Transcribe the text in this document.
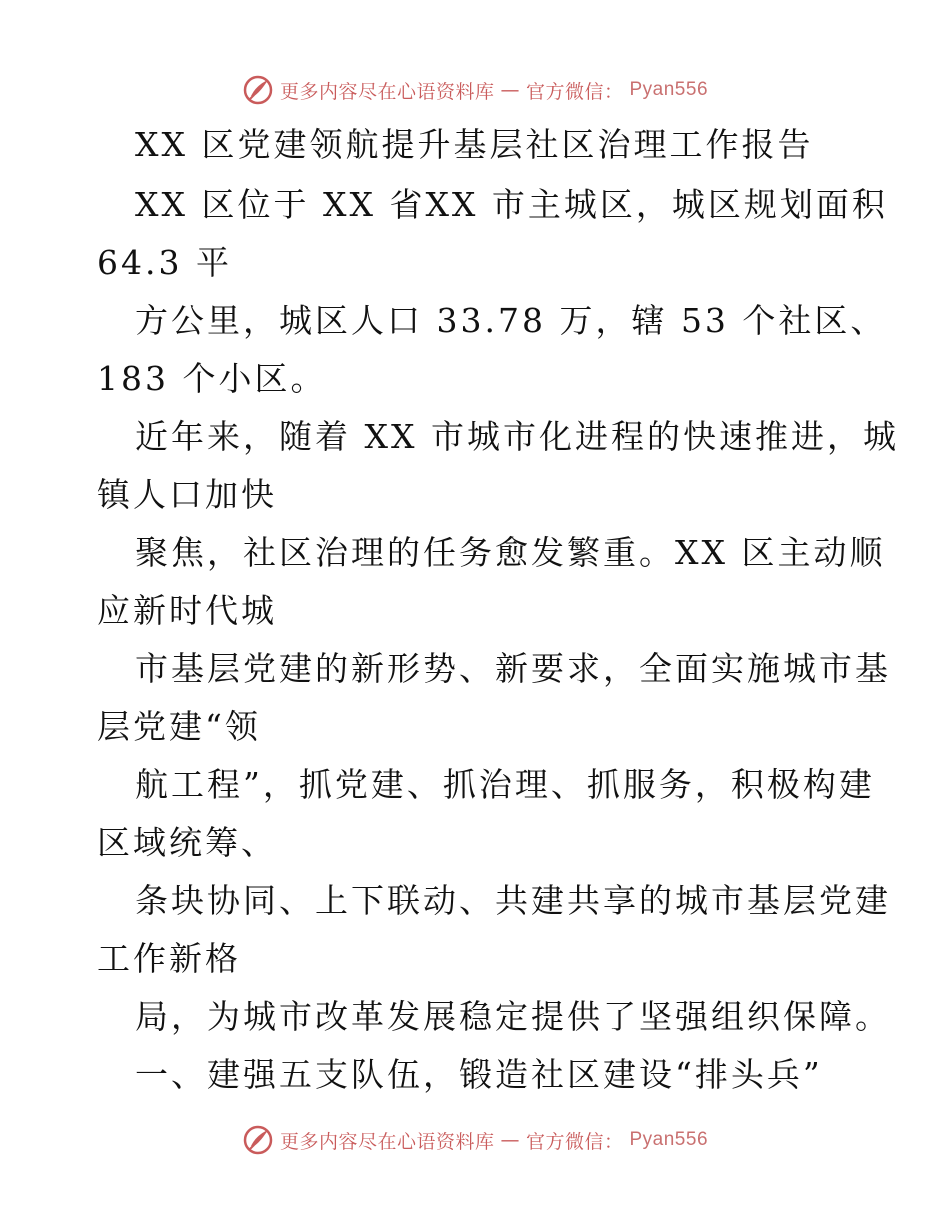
更多内容尽在心语资料库 — 官方微信： Pyan556
XX 区党建领航提升基层社区治理工作报告
XX 区位于 XX 省XX 市主城区，城区规划面积
64.3 平
方公里，城区人口 33.78 万，辖 53 个社区、
183 个小区。
近年来，随着 XX 市城市化进程的快速推进，城
镇人口加快
聚焦，社区治理的任务愈发繁重。XX 区主动顺
应新时代城
市基层党建的新形势、新要求，全面实施城市基
层党建“领
航工程”，抓党建、抓治理、抓服务，积极构建
区域统筹、
条块协同、上下联动、共建共享的城市基层党建
工作新格
局，为城市改革发展稳定提供了坚强组织保障。
一、建强五支队伍，锻造社区建设“排头兵”
更多内容尽在心语资料库 — 官方微信： Pyan556
